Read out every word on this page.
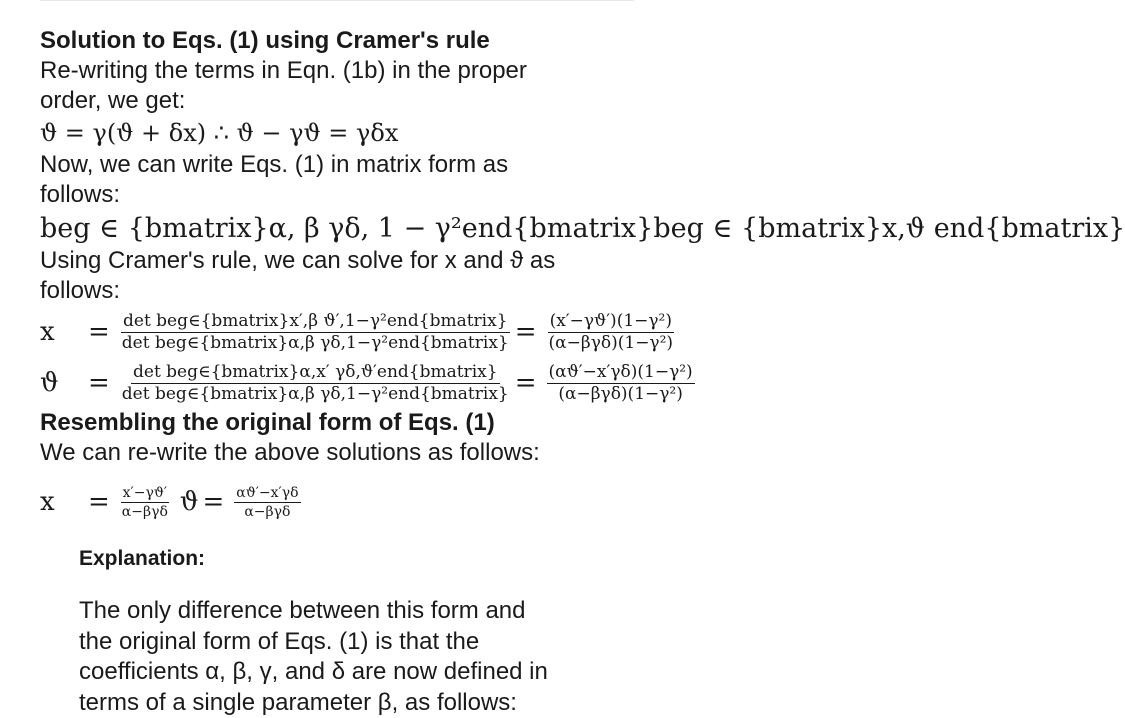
Solution to Eqs. (1) using Cramer's rule

Re-writing the terms in Eqn. (1b) in the proper

order, we get:

ϑ = γ(ϑ + δx) ∴ ϑ − γϑ = γδx

Now, we can write Eqs. (1) in matrix form as

follows:

beg ∈ {bmatrix}α, β γδ, 1 − γ²end{bmatrix}beg ∈ {bmatrix}x,ϑ end{bmatrix}

Using Cramer's rule, we can solve for x and ϑ as

follows:

x	= $\frac{\text{det beg∈\{bmatrix\}x′,β ϑ′,1−γ²end\{bmatrix\}}}{\text{det beg∈\{bmatrix\}α,β γδ,1−γ²end\{bmatrix\}}} = \frac{\text{(x′−γϑ′)(1−γ²)}}{\text{(α−βγδ)(1−γ²)}}$
ϑ	= $\frac{\text{det beg∈\{bmatrix\}α,x′ γδ,ϑ′end\{bmatrix\}}}{\text{det beg∈\{bmatrix\}α,β γδ,1−γ²end\{bmatrix\}}} = \frac{\text{(αϑ′−x′γδ)(1−γ²)}}{\text{(α−βγδ)(1−γ²)}}$

Resembling the original form of Eqs. (1)

We can re-write the above solutions as follows:

x	= $\frac{x'-\gamma ϑ'}{\text{α−βγδ}}$ $ϑ = \frac{\alpha ϑ'-x'\gamma\delta}{\text{α−βγδ}}$

Explanation:

The only difference between this form and

the original form of Eqs. (1) is that the

coefficients α, β, γ, and δ are now defined in

terms of a single parameter β, as follows:
